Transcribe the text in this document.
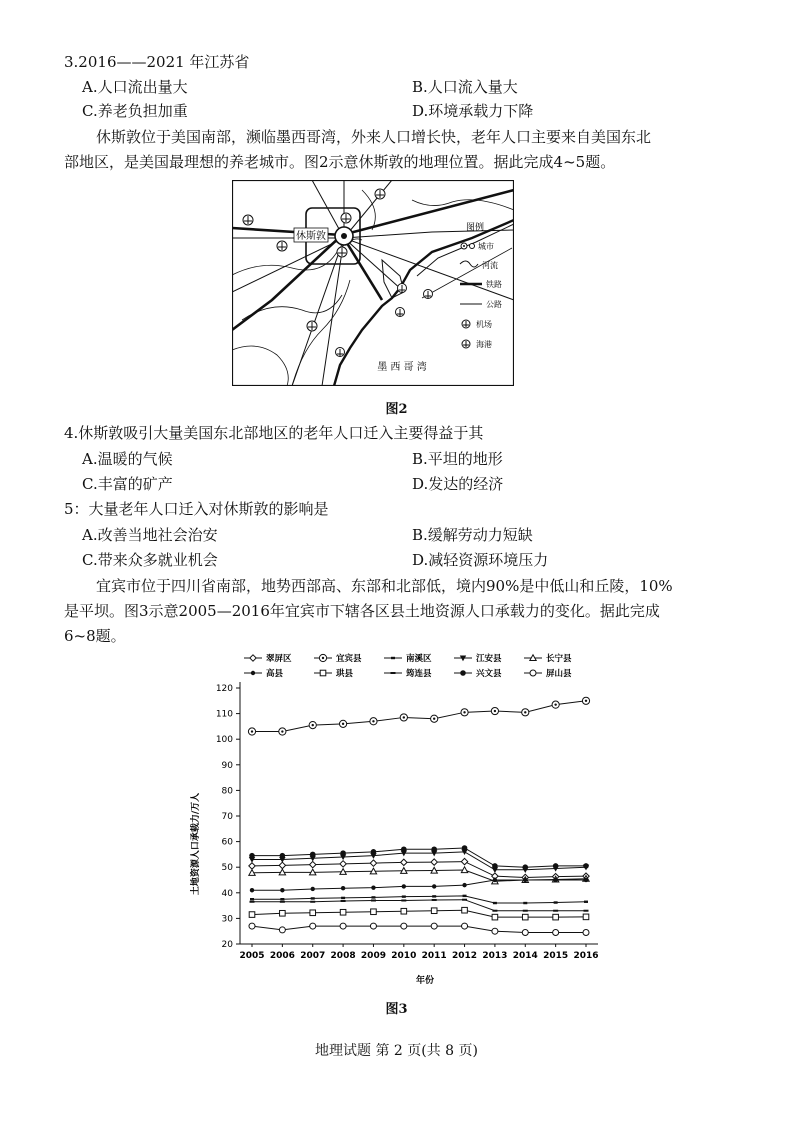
3.2016——2021 年江苏省
A.人口流出量大	B.人口流入量大
C.养老负担加重	D.环境承载力下降
休斯敦位于美国南部，濒临墨西哥湾，外来人口增长快，老年人口主要来自美国东北
部地区，是美国最理想的养老城市。图2示意休斯敦的地理位置。据此完成4~5题。
休斯敦
墨 西 哥 湾
图例
城市
河流
铁路
公路
机场
海港
图2
4.休斯敦吸引大量美国东北部地区的老年人口迁入主要得益于其
A.温暖的气候	B.平坦的地形
C.丰富的矿产	D.发达的经济
5：大量老年人口迁入对休斯敦的影响是
A.改善当地社会治安	B.缓解劳动力短缺
C.带来众多就业机会	D.减轻资源环境压力
宜宾市位于四川省南部，地势西部高、东部和北部低，境内90%是中低山和丘陵，10%
是平坝。图3示意2005—2016年宜宾市下辖各区县土地资源人口承载力的变化。据此完成
6~8题。
翠屏区	宜宾县	南溪区	江安县	长宁县
高县	珙县	筠连县	兴文县	屏山县
20
30
40
50
60
70
80
90
100
110
120
2005 2006 2007 2008 2009 2010 2011 2012 2013 2014 2015 2016
土地资源人口承载力/万人
年份
图3
地理试题 第 2 页(共 8 页)
